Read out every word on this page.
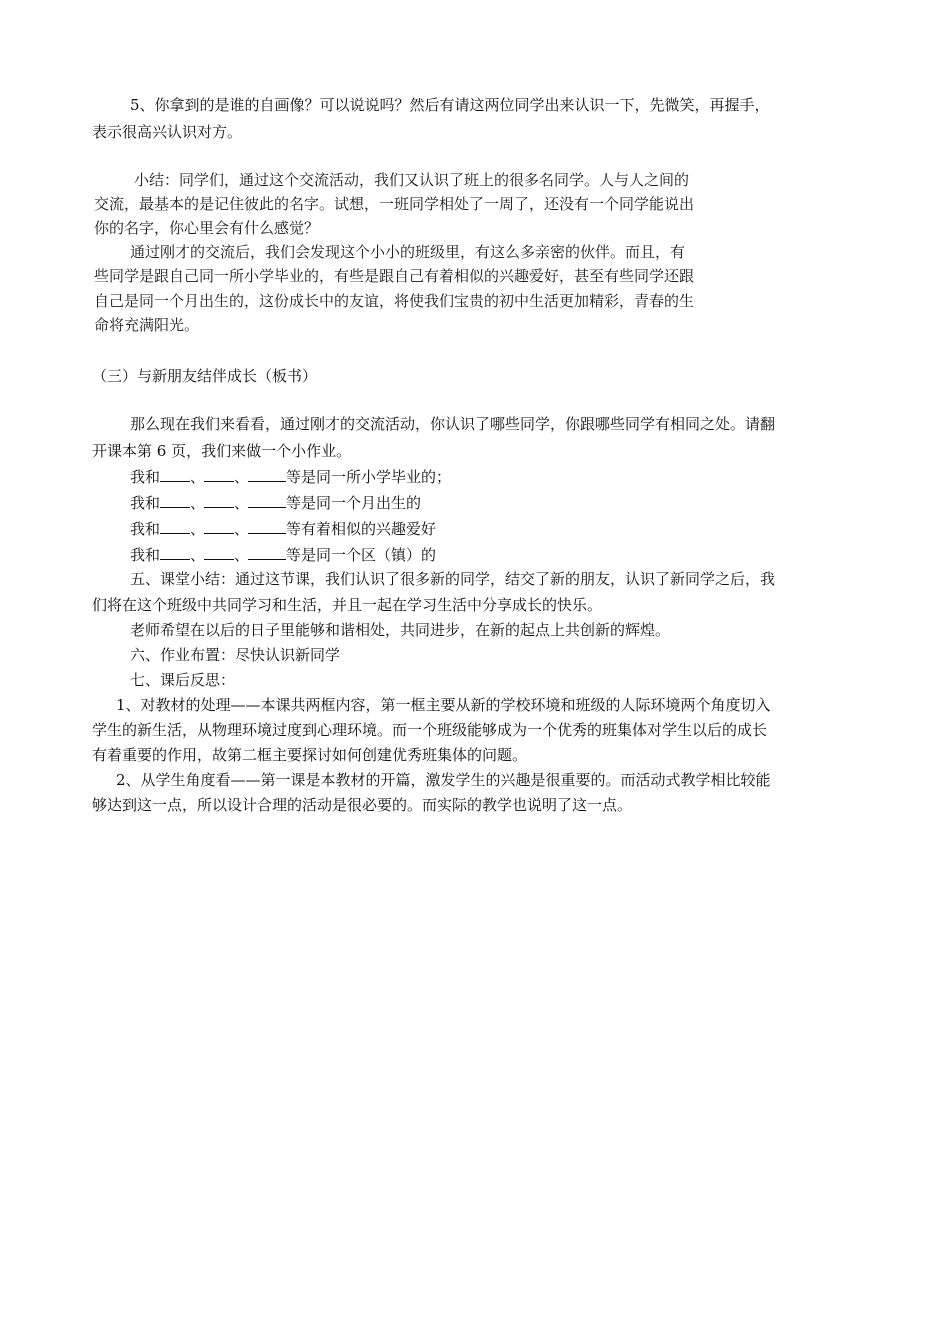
5、你拿到的是谁的自画像？可以说说吗？然后有请这两位同学出来认识一下，先微笑，再握手，
表示很高兴认识对方。
小结：同学们，通过这个交流活动，我们又认识了班上的很多名同学。人与人之间的
交流，最基本的是记住彼此的名字。试想，一班同学相处了一周了，还没有一个同学能说出
你的名字，你心里会有什么感觉？
通过刚才的交流后，我们会发现这个小小的班级里，有这么多亲密的伙伴。而且，有
些同学是跟自己同一所小学毕业的，有些是跟自己有着相似的兴趣爱好，甚至有些同学还跟
自己是同一个月出生的，这份成长中的友谊，将使我们宝贵的初中生活更加精彩，青春的生
命将充满阳光。
（三）与新朋友结伴成长（板书）
那么现在我们来看看，通过刚才的交流活动，你认识了哪些同学，你跟哪些同学有相同之处。请翻
开课本第 6 页，我们来做一个小作业。
我和 、 、 等是同一所小学毕业的；
我和 、 、 等是同一个月出生的
我和 、 、 等有着相似的兴趣爱好
我和 、 、 等是同一个区（镇）的
五、课堂小结：通过这节课，我们认识了很多新的同学，结交了新的朋友，认识了新同学之后，我
们将在这个班级中共同学习和生活，并且一起在学习生活中分享成长的快乐。
老师希望在以后的日子里能够和谐相处，共同进步，在新的起点上共创新的辉煌。
六、作业布置：尽快认识新同学
七、课后反思：
1、对教材的处理——本课共两框内容，第一框主要从新的学校环境和班级的人际环境两个角度切入
学生的新生活，从物理环境过度到心理环境。而一个班级能够成为一个优秀的班集体对学生以后的成长
有着重要的作用，故第二框主要探讨如何创建优秀班集体的问题。
2、从学生角度看——第一课是本教材的开篇，激发学生的兴趣是很重要的。而活动式教学相比较能
够达到这一点，所以设计合理的活动是很必要的。而实际的教学也说明了这一点。
